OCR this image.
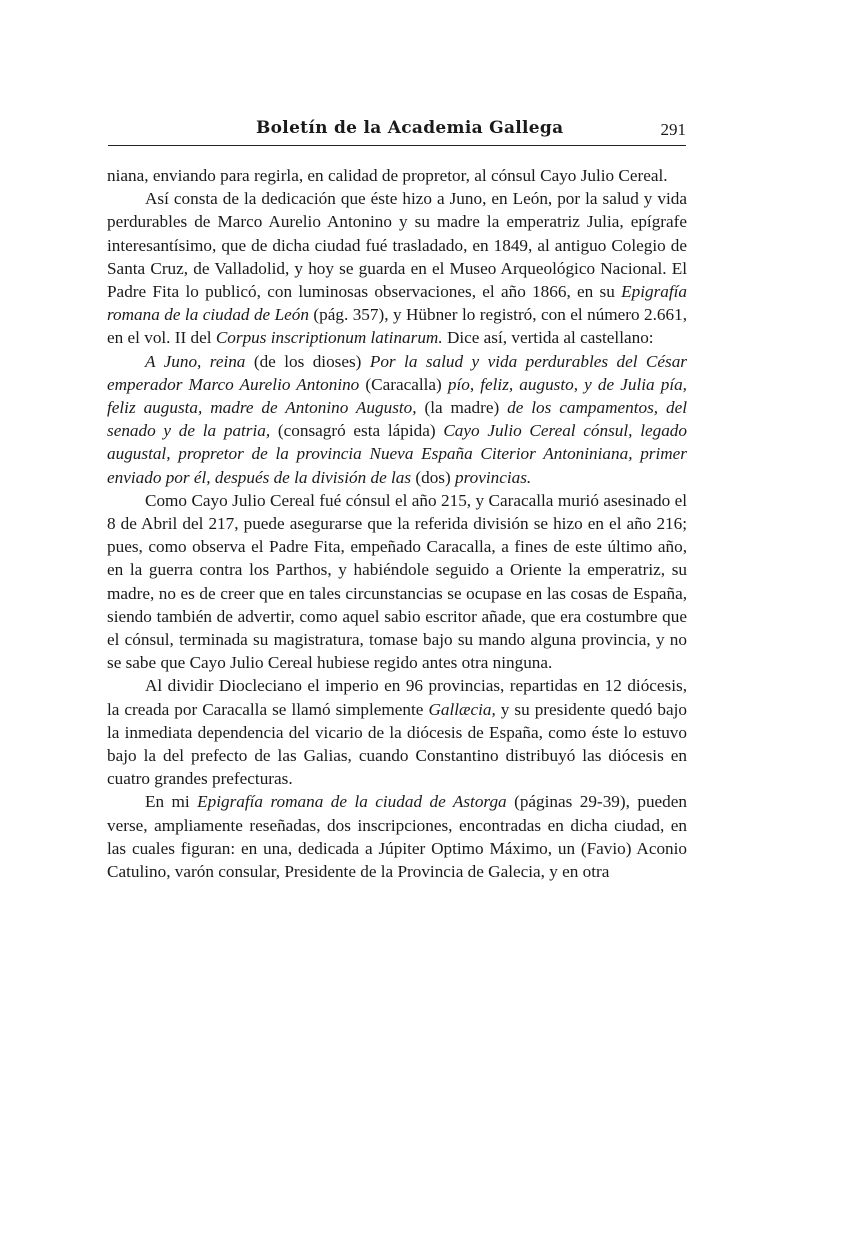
Boletín de la Academia Gallega	291

niana, enviando para regirla, en calidad de propretor, al cónsul Cayo Julio Cereal.

Así consta de la dedicación que éste hizo a Juno, en León, por la salud y vida perdurables de Marco Aurelio Antonino y su madre la emperatriz Julia, epígrafe interesantísimo, que de dicha ciudad fué trasladado, en 1849, al antiguo Colegio de Santa Cruz, de Valladolid, y hoy se guarda en el Museo Arqueológico Nacional. El Padre Fita lo publicó, con luminosas observaciones, el año 1866, en su Epigrafía romana de la ciudad de León (pág. 357), y Hübner lo registró, con el número 2.661, en el vol. II del Corpus inscriptionum latinarum. Dice así, vertida al castellano:

A Juno, reina (de los dioses) Por la salud y vida perdurables del César emperador Marco Aurelio Antonino (Caracalla) pío, feliz, augusto, y de Julia pía, feliz augusta, madre de Antonino Augusto, (la madre) de los campamentos, del senado y de la patria, (consagró esta lápida) Cayo Julio Cereal cónsul, legado augustal, propretor de la provincia Nueva España Citerior Antoniniana, primer enviado por él, después de la división de las (dos) provincias.

Como Cayo Julio Cereal fué cónsul el año 215, y Caracalla murió asesinado el 8 de Abril del 217, puede asegurarse que la referida división se hizo en el año 216; pues, como observa el Padre Fita, empeñado Caracalla, a fines de este último año, en la guerra contra los Parthos, y habiéndole seguido a Oriente la emperatriz, su madre, no es de creer que en tales circunstancias se ocupase en las cosas de España, siendo también de advertir, como aquel sabio escritor añade, que era costumbre que el cónsul, terminada su magistratura, tomase bajo su mando alguna provincia, y no se sabe que Cayo Julio Cereal hubiese regido antes otra ninguna.

Al dividir Diocleciano el imperio en 96 provincias, repartidas en 12 diócesis, la creada por Caracalla se llamó simplemente Gallæcia, y su presidente quedó bajo la inmediata dependencia del vicario de la diócesis de España, como éste lo estuvo bajo la del prefecto de las Galias, cuando Constantino distribuyó las diócesis en cuatro grandes prefecturas.

En mi Epigrafía romana de la ciudad de Astorga (páginas 29-39), pueden verse, ampliamente reseñadas, dos inscripciones, encontradas en dicha ciudad, en las cuales figuran: en una, dedicada a Júpiter Optimo Máximo, un (Favio) Aconio Catulino, varón consular, Presidente de la Provincia de Galecia, y en otra
